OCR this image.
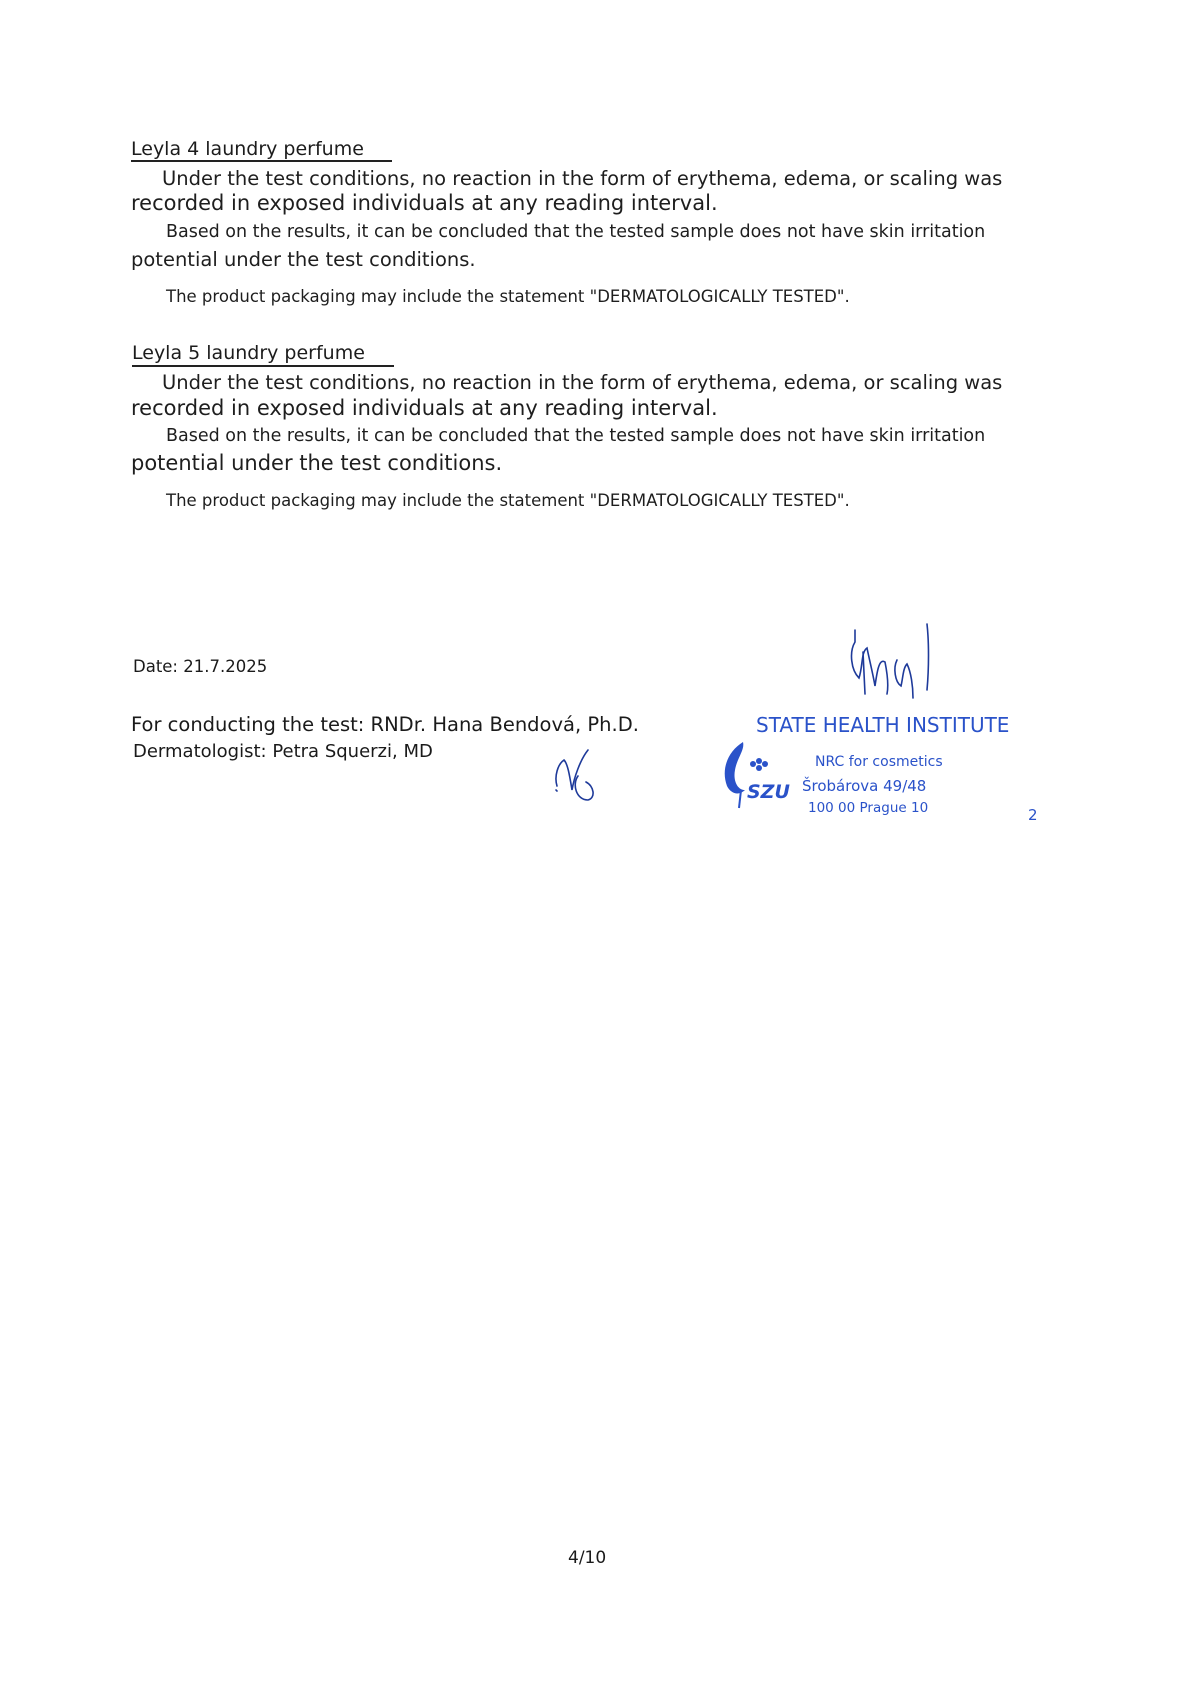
Leyla 4 laundry perfume
Under the test conditions, no reaction in the form of erythema, edema, or scaling was
recorded in exposed individuals at any reading interval.
Based on the results, it can be concluded that the tested sample does not have skin irritation
potential under the test conditions.
The product packaging may include the statement "DERMATOLOGICALLY TESTED".
Leyla 5 laundry perfume
Under the test conditions, no reaction in the form of erythema, edema, or scaling was
recorded in exposed individuals at any reading interval.
Based on the results, it can be concluded that the tested sample does not have skin irritation
potential under the test conditions.
The product packaging may include the statement "DERMATOLOGICALLY TESTED".
Date: 21.7.2025
For conducting the test: RNDr. Hana Bendová, Ph.D.
Dermatologist: Petra Squerzi, MD
STATE HEALTH INSTITUTE
SZU
NRC for cosmetics
Šrobárova 49/48
100 00 Prague 10	2
4/10
